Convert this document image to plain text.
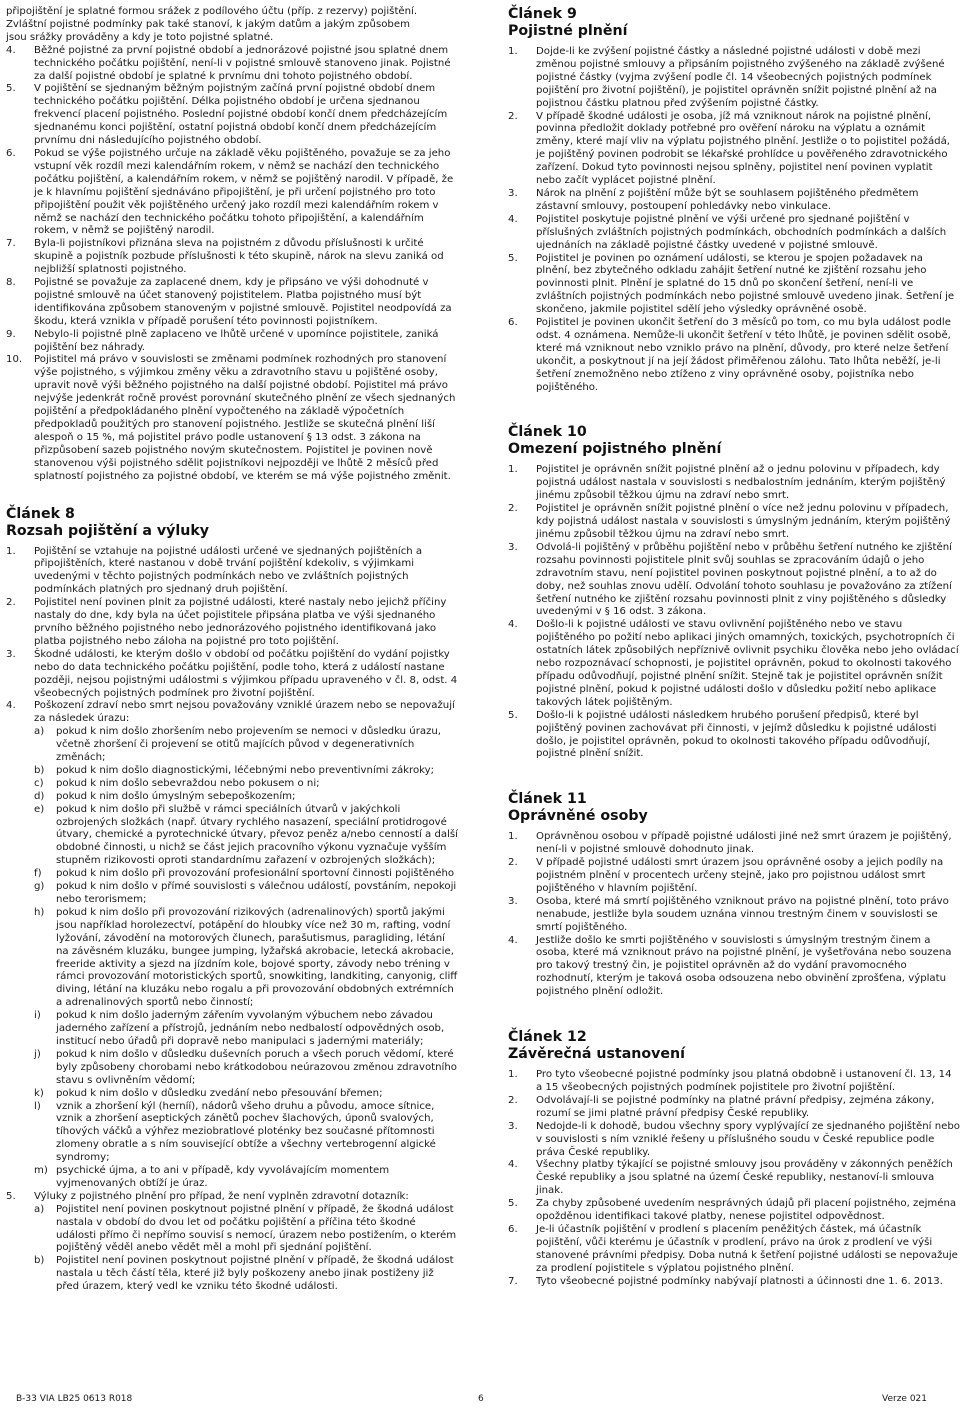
připojištění je splatné formou srážek z podílového účtu (příp. z rezervy) pojištění.

Zvláštní pojistné podmínky pak také stanoví, k jakým datům a jakým způsobem

jsou srážky prováděny a kdy je toto pojistné splatné.

4. Běžné pojistné za první pojistné období a jednorázové pojistné jsou splatné dnem technického počátku pojištění, není-li v pojistné smlouvě stanoveno jinak. Pojistné za další pojistné období je splatné k prvnímu dni tohoto pojistného období.
5. V pojištění se sjednaným běžným pojistným začíná první pojistné období dnem technického počátku pojištění. Délka pojistného období je určena sjednanou frekvencí placení pojistného. Poslední pojistné období končí dnem předcházejícím sjednanému konci pojištění, ostatní pojistná období končí dnem předcházejícím prvnímu dni následujícího pojistného období.
6. Pokud se výše pojistného určuje na základě věku pojištěného, považuje se za jeho vstupní věk rozdíl mezi kalendářním rokem, v němž se nachází den technického počátku pojištění, a kalendářním rokem, v němž se pojištěný narodil. V případě, že je k hlavnímu pojištění sjednáváno připojištění, je při určení pojistného pro toto připojištění použit věk pojištěného určený jako rozdíl mezi kalendářním rokem v němž se nachází den technického počátku tohoto připojištění, a kalendářním rokem, v němž se pojištěný narodil.
7. Byla-li pojistníkovi přiznána sleva na pojistném z důvodu příslušnosti k určité skupině a pojistník pozbude příslušnosti k této skupině, nárok na slevu zaniká od nejbližší splatnosti pojistného.
8. Pojistné se považuje za zaplacené dnem, kdy je připsáno ve výši dohodnuté v pojistné smlouvě na účet stanovený pojistitelem. Platba pojistného musí být identifikována způsobem stanoveným v pojistné smlouvě. Pojistitel neodpovídá za škodu, která vznikla v případě porušení této povinnosti pojistníkem.
9. Nebylo-li pojistné plně zaplaceno ve lhůtě určené v upomínce pojistitele, zaniká pojištění bez náhrady.
10. Pojistitel má právo v souvislosti se změnami podmínek rozhodných pro stanovení výše pojistného, s výjimkou změny věku a zdravotního stavu u pojištěné osoby, upravit nově výši běžného pojistného na další pojistné období. Pojistitel má právo nejvýše jedenkrát ročně provést porovnání skutečného plnění ze všech sjednaných pojištění a předpokládaného plnění vypočteného na základě výpočetních předpokladů použitých pro stanovení pojistného. Jestliže se skutečná plnění liší alespoň o 15 %, má pojistitel právo podle ustanovení § 13 odst. 3 zákona na přizpůsobení sazeb pojistného novým skutečnostem. Pojistitel je povinen nově stanovenou výši pojistného sdělit pojistníkovi nejpozději ve lhůtě 2 měsíců před splatností pojistného za pojistné období, ve kterém se má výše pojistného změnit.

Článek 8

Rozsah pojištění a výluky

1. Pojištění se vztahuje na pojistné události určené ve sjednaných pojištěních a připojištěních, které nastanou v době trvání pojištění kdekoliv, s výjimkami uvedenými v těchto pojistných podmínkách nebo ve zvláštních pojistných podmínkách platných pro sjednaný druh pojištění.
2. Pojistitel není povinen plnit za pojistné události, které nastaly nebo jejichž příčiny nastaly do dne, kdy byla na účet pojistitele připsána platba ve výši sjednaného prvního běžného pojistného nebo jednorázového pojistného identifikovaná jako platba pojistného nebo záloha na pojistné pro toto pojištění.
3. Škodné události, ke kterým došlo v období od počátku pojištění do vydání pojistky nebo do data technického počátku pojištění, podle toho, která z událostí nastane později, nejsou pojistnými událostmi s výjimkou případu upraveného v čl. 8, odst. 4 všeobecných pojistných podmínek pro životní pojištění.
4. Poškození zdraví nebo smrt nejsou považovány vzniklé úrazem nebo se nepovažují za následek úrazu:
a) pokud k nim došlo zhoršením nebo projevením se nemoci v důsledku úrazu, včetně zhoršení či projevení se otitů majících původ v degenerativních změnách;
b) pokud k nim došlo diagnostickými, léčebnými nebo preventivními zákroky;
c) pokud k nim došlo sebevraždou nebo pokusem o ni;
d) pokud k nim došlo úmyslným sebepoškozením;
e) pokud k nim došlo při službě v rámci speciálních útvarů v jakýchkoli ozbrojených složkách (např. útvary rychlého nasazení, speciální protidrogové útvary, chemické a pyrotechnické útvary, převoz peněz a/nebo cenností a další obdobné činnosti, u nichž se část jejich pracovního výkonu vyznačuje vyšším stupněm rizikovosti oproti standardnímu zařazení v ozbrojených složkách);
f) pokud k nim došlo při provozování profesionální sportovní činnosti pojištěného
g) pokud k nim došlo v přímé souvislosti s válečnou událostí, povstáním, nepokoji nebo terorismem;
h) pokud k nim došlo při provozování rizikových (adrenalinových) sportů jakými jsou například horolezectví, potápění do hloubky více než 30 m, rafting, vodní lyžování, závodění na motorových člunech, parašutismus, paragliding, létání na závěsném kluzáku, bungee jumping, lyžařská akrobacie, letecká akrobacie, freeride aktivity a sjezd na jízdním kole, bojové sporty, závody nebo tréning v rámci provozování motoristických sportů, snowkiting, landkiting, canyonig, cliff diving, létání na kluzáku nebo rogalu a při provozování obdobných extrémních a adrenalinových sportů nebo činností;
i) pokud k nim došlo jaderným zářením vyvolaným výbuchem nebo závadou jaderného zařízení a přístrojů, jednáním nebo nedbalostí odpovědných osob, institucí nebo úřadů při dopravě nebo manipulaci s jadernými materiály;
j) pokud k nim došlo v důsledku duševních poruch a všech poruch vědomí, které byly způsobeny chorobami nebo krátkodobou neúrazovou změnou zdravotního stavu s ovlivněním vědomí;
k) pokud k nim došlo v důsledku zvedání nebo přesouvání břemen;
l) vznik a zhoršení kýl (herníí), nádorů všeho druhu a původu, amoce sítnice, vznik a zhoršení aseptických zánětů pochev šlachových, úponů svalových, tíhových váčků a výhřez meziobratlové ploténky bez současné přítomnosti zlomeny obratle a s ním související obtíže a všechny vertebrogenní algické syndromy;
m) psychické újma, a to ani v případě, kdy vyvolávajícím momentem vyjmenovaných obtíží je úraz.
5. Výluky z pojistného plnění pro případ, že není vyplněn zdravotní dotazník:
a) Pojistitel není povinen poskytnout pojistné plnění v případě, že škodná událost nastala v období do dvou let od počátku pojištění a příčina této škodné události přímo či nepřímo souvisí s nemocí, úrazem nebo postižením, o kterém pojištěný věděl anebo vědět měl a mohl při sjednání pojištění.
b) Pojistitel není povinen poskytnout pojistné plnění v případě, že škodná událost nastala u těch částí těla, které již byly poškozeny anebo jinak postiženy již před úrazem, který vedl ke vzniku této škodné události.

Článek 9

Pojistné plnění

1. Dojde-li ke zvýšení pojistné částky a následné pojistné události v době mezi změnou pojistné smlouvy a připsáním pojistného zvýšeného na základě zvýšené pojistné částky (vyjma zvýšení podle čl. 14 všeobecných pojistných podmínek pojištění pro životní pojištění), je pojistitel oprávněn snížit pojistné plnění až na pojistnou částku platnou před zvýšením pojistné částky.
2. V případě škodné události je osoba, jíž má vzniknout nárok na pojistné plnění, povinna předložit doklady potřebné pro ověření nároku na výplatu a oznámit změny, které mají vliv na výplatu pojistného plnění. Jestliže o to pojistitel požádá, je pojištěný povinen podrobit se lékařské prohlídce u pověřeného zdravotnického zařízení. Dokud tyto povinnosti nejsou splněny, pojistitel není povinen vyplatit nebo začít vyplácet pojistné plnění.
3. Nárok na plnění z pojištění může být se souhlasem pojištěného předmětem zástavní smlouvy, postoupení pohledávky nebo vinkulace.
4. Pojistitel poskytuje pojistné plnění ve výši určené pro sjednané pojištění v příslušných zvláštních pojistných podmínkách, obchodních podmínkách a dalších ujednáních na základě pojistné částky uvedené v pojistné smlouvě.
5. Pojistitel je povinen po oznámení události, se kterou je spojen požadavek na plnění, bez zbytečného odkladu zahájit šetření nutné ke zjištění rozsahu jeho povinnosti plnit. Plnění je splatné do 15 dnů po skončení šetření, není-li ve zvláštních pojistných podmínkách nebo pojistné smlouvě uvedeno jinak. Šetření je skončeno, jakmile pojistitel sdělí jeho výsledky oprávněné osobě.
6. Pojistitel je povinen ukončit šetření do 3 měsíců po tom, co mu byla událost podle odst. 4 oznámena. Nemůže-li ukončit šetření v této lhůtě, je povinen sdělit osobě, které má vzniknout nebo vzniklo právo na plnění, důvody, pro které nelze šetření ukončit, a poskytnout jí na její žádost přiměřenou zálohu. Tato lhůta neběží, je-li šetření znemožněno nebo ztíženo z viny oprávněné osoby, pojistníka nebo pojištěného.

Článek 10

Omezení pojistného plnění

1. Pojistitel je oprávněn snížit pojistné plnění až o jednu polovinu v případech, kdy pojistná událost nastala v souvislosti s nedbalostním jednáním, kterým pojištěný jinému způsobil těžkou újmu na zdraví nebo smrt.
2. Pojistitel je oprávněn snížit pojistné plnění o více než jednu polovinu v případech, kdy pojistná událost nastala v souvislosti s úmyslným jednáním, kterým pojištěný jinému způsobil těžkou újmu na zdraví nebo smrt.
3. Odvolá-li pojištěný v průběhu pojištění nebo v průběhu šetření nutného ke zjištění rozsahu povinnosti pojistitele plnit svůj souhlas se zpracováním údajů o jeho zdravotním stavu, není pojistitel povinen poskytnout pojistné plnění, a to až do doby, než souhlas znovu udělí. Odvolání tohoto souhlasu je považováno za ztížení šetření nutného ke zjištění rozsahu povinnosti plnit z viny pojištěného s důsledky uvedenými v § 16 odst. 3 zákona.
4. Došlo-li k pojistné události ve stavu ovlivnění pojištěného nebo ve stavu pojištěného po požití nebo aplikaci jiných omamných, toxických, psychotropních či ostatních látek způsobilých nepříznivě ovlivnit psychiku člověka nebo jeho ovládací nebo rozpoznávací schopnosti, je pojistitel oprávněn, pokud to okolnosti takového případu odůvodňují, pojistné plnění snížit. Stejně tak je pojistitel oprávněn snížit pojistné plnění, pokud k pojistné události došlo v důsledku požití nebo aplikace takových látek pojištěným.
5. Došlo-li k pojistné události následkem hrubého porušení předpisů, které byl pojištěný povinen zachovávat při činnosti, v jejímž důsledku k pojistné události došlo, je pojistitel oprávněn, pokud to okolnosti takového případu odůvodňují, pojistné plnění snížit.

Článek 11

Oprávněné osoby

1. Oprávněnou osobou v případě pojistné události jiné než smrt úrazem je pojištěný, není-li v pojistné smlouvě dohodnuto jinak.
2. V případě pojistné události smrt úrazem jsou oprávněné osoby a jejich podíly na pojistném plnění v procentech určeny stejně, jako pro pojistnou událost smrt pojištěného v hlavním pojištění.
3. Osoba, které má smrtí pojištěného vzniknout právo na pojistné plnění, toto právo nenabude, jestliže byla soudem uznána vinnou trestným činem v souvislosti se smrtí pojištěného.
4. Jestliže došlo ke smrti pojištěného v souvislosti s úmyslným trestným činem a osoba, které má vzniknout právo na pojistné plnění, je vyšetřována nebo souzena pro takový trestný čin, je pojistitel oprávněn až do vydání pravomocného rozhodnutí, kterým je taková osoba odsouzena nebo obvinění zprošťena, výplatu pojistného plnění odložit.

Článek 12

Závěrečná ustanovení

1. Pro tyto všeobecné pojistné podmínky jsou platná obdobně i ustanovení čl. 13, 14 a 15 všeobecných pojistných podmínek pojistitele pro životní pojištění.
2. Odvolávají-li se pojistné podmínky na platné právní předpisy, zejména zákony, rozumí se jimi platné právní předpisy České republiky.
3. Nedojde-li k dohodě, budou všechny spory vyplývající ze sjednaného pojištění nebo v souvislosti s ním vzniklé řešeny u příslušného soudu v České republice podle práva České republiky.
4. Všechny platby týkající se pojistné smlouvy jsou prováděny v zákonných peněžích České republiky a jsou splatné na území České republiky, nestanoví-li smlouva jinak.
5. Za chyby způsobené uvedením nesprávných údajů při placení pojistného, zejména opožděnou identifikaci takové platby, nenese pojistitel odpovědnost.
6. Je-li účastník pojištění v prodlení s placením peněžitých částek, má účastník pojištění, vůči kterému je účastník v prodlení, právo na úrok z prodlení ve výši stanovené právními předpisy. Doba nutná k šetření pojistné události se nepovažuje za prodlení pojistitele s výplatou pojistného plnění.
7. Tyto všeobecné pojistné podmínky nabývají platnosti a účinnosti dne 1. 6. 2013.
B-33 VIA LB25 0613 R018	6	Verze 021
